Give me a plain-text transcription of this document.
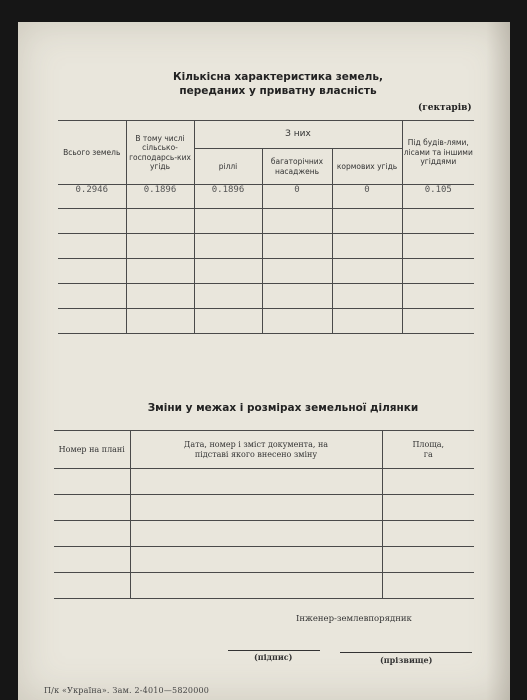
Кількісна характеристика земель,
переданих у приватну власність
(гектарів)
Всього земель	В тому числі сільсько-господарсь-ких угідь	З них			Під будів-лями, лісами та іншими угіддями
		ріллі	багаторічних насаджень	кормових угідь	
0.2946	0.1896	0.1896	0	0	0.105

Зміни у межах і розмірах земельної ділянки
Номер на плані	Дата, номер і зміст документа, на підставі якого внесено зміну	Площа, га

Інженер-землевпорядник
(підпис)	(прізвище)
П/к «Україна». Зам. 2-4010—5820000
